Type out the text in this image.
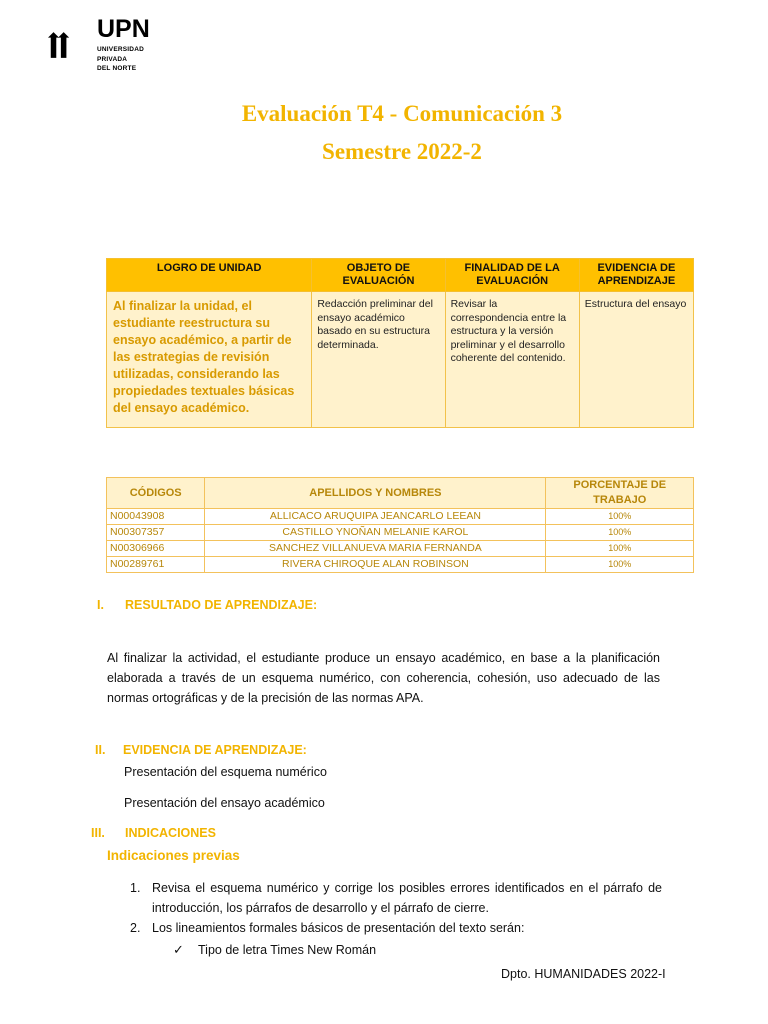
UPN
UNIVERSIDAD
PRIVADA
DEL NORTE
Evaluación T4 - Comunicación 3
Semestre 2022-2
LOGRO DE UNIDAD	OBJETO DE EVALUACIÓN	FINALIDAD DE LA EVALUACIÓN	EVIDENCIA DE APRENDIZAJE
Al finalizar la unidad, el estudiante reestructura su ensayo académico, a partir de las estrategias de revisión utilizadas, considerando las propiedades textuales básicas del ensayo académico.	Redacción preliminar del ensayo académico basado en su estructura determinada.	Revisar la correspondencia entre la estructura y la versión preliminar y el desarrollo coherente del contenido.	Estructura del ensayo
CÓDIGOS	APELLIDOS Y NOMBRES	PORCENTAJE DE TRABAJO
N00043908	ALLICACO ARUQUIPA JEANCARLO LEEAN	100%
N00307357	CASTILLO YNOÑAN MELANIE KAROL	100%
N00306966	SANCHEZ VILLANUEVA MARIA FERNANDA	100%
N00289761	RIVERA CHIROQUE ALAN ROBINSON	100%
I. RESULTADO DE APRENDIZAJE:
Al finalizar la actividad, el estudiante produce un ensayo académico, en base a la planificación elaborada a través de un esquema numérico, con coherencia, cohesión, uso adecuado de las normas ortográficas y de la precisión de las normas APA.
II. EVIDENCIA DE APRENDIZAJE:
Presentación del esquema numérico
Presentación del ensayo académico
III. INDICACIONES
Indicaciones previas
1. Revisa el esquema numérico y corrige los posibles errores identificados en el párrafo de introducción, los párrafos de desarrollo y el párrafo de cierre.
2. Los lineamientos formales básicos de presentación del texto serán:
✓ Tipo de letra Times New Román
Dpto. HUMANIDADES 2022-I
